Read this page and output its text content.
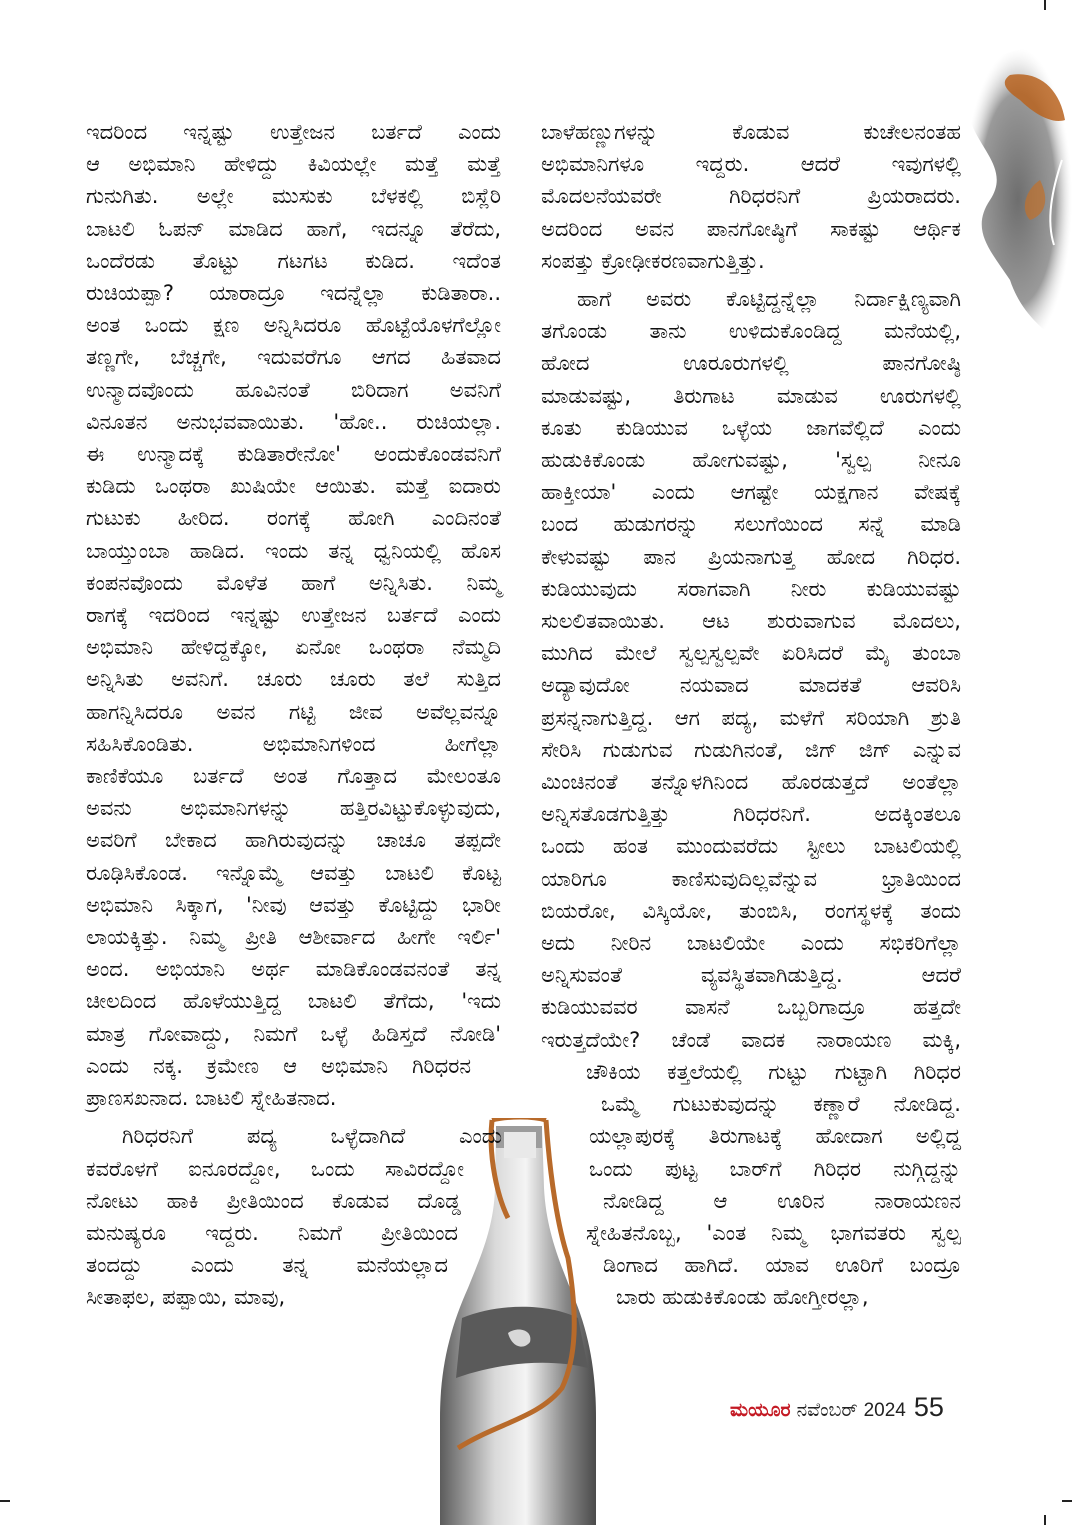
ಇದರಿಂದ ಇನ್ನಷ್ಟು ಉತ್ತೇಜನ ಬರ್ತದೆ ಎಂದು

ಆ ಅಭಿಮಾನಿ ಹೇಳಿದ್ದು ಕಿವಿಯಲ್ಲೇ ಮತ್ತೆ ಮತ್ತೆ

ಗುನುಗಿತು. ಅಲ್ಲೇ ಮುಸುಕು ಬೆಳಕಲ್ಲಿ ಬಿಸ್ಲೆರಿ

ಬಾಟಲಿ ಓಪನ್ ಮಾಡಿದ ಹಾಗೆ, ಇದನ್ನೂ ತೆರೆದು,

ಒಂದೆರಡು ತೊಟ್ಟು ಗಟಗಟ ಕುಡಿದ. ಇದೆಂತ

ರುಚಿಯಪ್ಪಾ? ಯಾರಾದ್ರೂ ಇದನ್ನೆಲ್ಲಾ ಕುಡಿತಾರಾ..

ಅಂತ ಒಂದು ಕ್ಷಣ ಅನ್ನಿಸಿದರೂ ಹೊಟ್ಟೆಯೊಳಗೆಲ್ಲೋ

ತಣ್ಣಗೇ, ಬೆಚ್ಚಗೇ, ಇದುವರೆಗೂ ಆಗದ ಹಿತವಾದ

ಉನ್ಮಾದವೊಂದು ಹೂವಿನಂತೆ ಬಿರಿದಾಗ ಅವನಿಗೆ

ವಿನೂತನ ಅನುಭವವಾಯಿತು. 'ಹೋ.. ರುಚಿಯಲ್ಲಾ.

ಈ ಉನ್ಮಾದಕ್ಕೆ ಕುಡಿತಾರೇನೋ' ಅಂದುಕೊಂಡವನಿಗೆ

ಕುಡಿದು ಒಂಥರಾ ಖುಷಿಯೇ ಆಯಿತು. ಮತ್ತೆ ಐದಾರು

ಗುಟುಕು ಹೀರಿದ. ರಂಗಕ್ಕೆ ಹೋಗಿ ಎಂದಿನಂತೆ

ಬಾಯ್ತುಂಬಾ ಹಾಡಿದ. ಇಂದು ತನ್ನ ಧ್ವನಿಯಲ್ಲಿ ಹೊಸ

ಕಂಪನವೊಂದು ಮೊಳೆತ ಹಾಗೆ ಅನ್ನಿಸಿತು. ನಿಮ್ಮ

ರಾಗಕ್ಕೆ ಇದರಿಂದ ಇನ್ನಷ್ಟು ಉತ್ತೇಜನ ಬರ್ತದೆ ಎಂದು

ಅಭಿಮಾನಿ ಹೇಳಿದ್ದಕ್ಕೋ, ಏನೋ ಒಂಥರಾ ನೆಮ್ಮದಿ

ಅನ್ನಿಸಿತು ಅವನಿಗೆ. ಚೂರು ಚೂರು ತಲೆ ಸುತ್ತಿದ

ಹಾಗನ್ನಿಸಿದರೂ ಅವನ ಗಟ್ಟಿ ಜೀವ ಅವೆಲ್ಲವನ್ನೂ

ಸಹಿಸಿಕೊಂಡಿತು. ಅಭಿಮಾನಿಗಳಿಂದ ಹೀಗೆಲ್ಲಾ

ಕಾಣಿಕೆಯೂ ಬರ್ತದೆ ಅಂತ ಗೊತ್ತಾದ ಮೇಲಂತೂ

ಅವನು ಅಭಿಮಾನಿಗಳನ್ನು ಹತ್ತಿರವಿಟ್ಟುಕೊಳ್ಳುವುದು,

ಅವರಿಗೆ ಬೇಕಾದ ಹಾಗಿರುವುದನ್ನು ಚಾಚೂ ತಪ್ಪದೇ

ರೂಢಿಸಿಕೊಂಡ. ಇನ್ನೊಮ್ಮೆ ಆವತ್ತು ಬಾಟಲಿ ಕೊಟ್ಟ

ಅಭಿಮಾನಿ ಸಿಕ್ಕಾಗ, 'ನೀವು ಆವತ್ತು ಕೊಟ್ಟಿದ್ದು ಭಾರೀ

ಲಾಯಕ್ಕಿತ್ತು. ನಿಮ್ಮ ಪ್ರೀತಿ ಆಶೀರ್ವಾದ ಹೀಗೇ ಇರ್ಲಿ'

ಅಂದ. ಅಭಿಯಾನಿ ಅರ್ಥ ಮಾಡಿಕೊಂಡವನಂತೆ ತನ್ನ

ಚೀಲದಿಂದ ಹೊಳೆಯುತ್ತಿದ್ದ ಬಾಟಲಿ ತೆಗೆದು, 'ಇದು

ಮಾತ್ರ ಗೋವಾದ್ದು, ನಿಮಗೆ ಒಳ್ಳೆ ಹಿಡಿಸ್ತದೆ ನೋಡಿ'

ಎಂದು ನಕ್ಕ. ಕ್ರಮೇಣ ಆ ಅಭಿಮಾನಿ ಗಿರಿಧರನ

ಪ್ರಾಣಸಖನಾದ. ಬಾಟಲಿ ಸ್ನೇಹಿತನಾದ.

ಗಿರಿಧರನಿಗೆ ಪದ್ಯ ಒಳ್ಳೆದಾಗಿದೆ ಎಂದು

ಕವರೊಳಗೆ ಐನೂರದ್ದೋ, ಒಂದು ಸಾವಿರದ್ದೋ

ನೋಟು ಹಾಕಿ ಪ್ರೀತಿಯಿಂದ ಕೊಡುವ ದೊಡ್ಡ

ಮನುಷ್ಯರೂ ಇದ್ದರು. ನಿಮಗೆ ಪ್ರೀತಿಯಿಂದ

ತಂದದ್ದು ಎಂದು ತನ್ನ ಮನೆಯಲ್ಲಾದ

ಸೀತಾಫಲ, ಪಪ್ಪಾಯಿ, ಮಾವು,

ಬಾಳೆಹಣ್ಣುಗಳನ್ನು ಕೊಡುವ ಕುಚೇಲನಂತಹ

ಅಭಿಮಾನಿಗಳೂ ಇದ್ದರು. ಆದರೆ ಇವುಗಳಲ್ಲಿ

ಮೊದಲನೆಯವರೇ ಗಿರಿಧರನಿಗೆ ಪ್ರಿಯರಾದರು.

ಅದರಿಂದ ಅವನ ಪಾನಗೋಷ್ಠಿಗೆ ಸಾಕಷ್ಟು ಆರ್ಥಿಕ

ಸಂಪತ್ತು ಕ್ರೋಢೀಕರಣವಾಗುತ್ತಿತ್ತು.

ಹಾಗೆ ಅವರು ಕೊಟ್ಟಿದ್ದನ್ನೆಲ್ಲಾ ನಿರ್ದಾಕ್ಷಿಣ್ಯವಾಗಿ

ತಗೊಂಡು ತಾನು ಉಳಿದುಕೊಂಡಿದ್ದ ಮನೆಯಲ್ಲಿ,

ಹೋದ ಊರೂರುಗಳಲ್ಲಿ ಪಾನಗೋಷ್ಠಿ

ಮಾಡುವಷ್ಟು, ತಿರುಗಾಟ ಮಾಡುವ ಊರುಗಳಲ್ಲಿ

ಕೂತು ಕುಡಿಯುವ ಒಳ್ಳೆಯ ಜಾಗವೆಲ್ಲಿದೆ ಎಂದು

ಹುಡುಕಿಕೊಂಡು ಹೋಗುವಷ್ಟು, 'ಸ್ವಲ್ಪ ನೀನೂ

ಹಾಕ್ತೀಯಾ' ಎಂದು ಆಗಷ್ಟೇ ಯಕ್ಷಗಾನ ವೇಷಕ್ಕೆ

ಬಂದ ಹುಡುಗರನ್ನು ಸಲುಗೆಯಿಂದ ಸನ್ನೆ ಮಾಡಿ

ಕೇಳುವಷ್ಟು ಪಾನ ಪ್ರಿಯನಾಗುತ್ತ ಹೋದ ಗಿರಿಧರ.

ಕುಡಿಯುವುದು ಸರಾಗವಾಗಿ ನೀರು ಕುಡಿಯುವಷ್ಟು

ಸುಲಲಿತವಾಯಿತು. ಆಟ ಶುರುವಾಗುವ ಮೊದಲು,

ಮುಗಿದ ಮೇಲೆ ಸ್ವಲ್ಪಸ್ವಲ್ಪವೇ ಏರಿಸಿದರೆ ಮೈ ತುಂಬಾ

ಅದ್ಯಾವುದೋ ನಯವಾದ ಮಾದಕತೆ ಆವರಿಸಿ

ಪ್ರಸನ್ನನಾಗುತ್ತಿದ್ದ. ಆಗ ಪದ್ಯ, ಮಳೆಗೆ ಸರಿಯಾಗಿ ಶ್ರುತಿ

ಸೇರಿಸಿ ಗುಡುಗುವ ಗುಡುಗಿನಂತೆ, ಜಿಗ್ ಜಿಗ್ ಎನ್ನುವ

ಮಿಂಚಿನಂತೆ ತನ್ನೊಳಗಿನಿಂದ ಹೊರಡುತ್ತದೆ ಅಂತೆಲ್ಲಾ

ಅನ್ನಿಸತೊಡಗುತ್ತಿತ್ತು ಗಿರಿಧರನಿಗೆ. ಅದಕ್ಕಿಂತಲೂ

ಒಂದು ಹಂತ ಮುಂದುವರೆದು ಸ್ಟೀಲು ಬಾಟಲಿಯಲ್ಲಿ

ಯಾರಿಗೂ ಕಾಣಿಸುವುದಿಲ್ಲವೆನ್ನುವ ಭ್ರಾತಿಯಿಂದ

ಬಿಯರೋ, ವಿಸ್ಕಿಯೋ, ತುಂಬಿಸಿ, ರಂಗಸ್ಥಳಕ್ಕೆ ತಂದು

ಅದು ನೀರಿನ ಬಾಟಲಿಯೇ ಎಂದು ಸಭಿಕರಿಗೆಲ್ಲಾ

ಅನ್ನಿಸುವಂತೆ ವ್ಯವಸ್ಥಿತವಾಗಿಡುತ್ತಿದ್ದ. ಆದರೆ

ಕುಡಿಯುವವರ ವಾಸನೆ ಒಬ್ಬರಿಗಾದ್ರೂ ಹತ್ತದೇ

ಇರುತ್ತದೆಯೇ? ಚೆಂಡೆ ವಾದಕ ನಾರಾಯಣ ಮಕ್ಕಿ,

ಚೌಕಿಯ ಕತ್ತಲೆಯಲ್ಲಿ ಗುಟ್ಟು ಗುಟ್ಟಾಗಿ ಗಿರಿಧರ

ಒಮ್ಮೆ ಗುಟುಕುವುದನ್ನು ಕಣ್ಣಾರೆ ನೋಡಿದ್ದ.

ಯಲ್ಲಾಪುರಕ್ಕೆ ತಿರುಗಾಟಕ್ಕೆ ಹೋದಾಗ ಅಲ್ಲಿದ್ದ

ಒಂದು ಪುಟ್ಟ ಬಾರ್‌ಗೆ ಗಿರಿಧರ ನುಗ್ಗಿದ್ದನ್ನು

ನೋಡಿದ್ದ ಆ ಊರಿನ ನಾರಾಯಣನ

ಸ್ನೇಹಿತನೊಬ್ಬ, 'ಎಂತ ನಿಮ್ಮ ಭಾಗವತರು ಸ್ವಲ್ಪ

ಡಿಂಗಾದ ಹಾಗಿದೆ. ಯಾವ ಊರಿಗೆ ಬಂದ್ರೂ

ಬಾರು ಹುಡುಕಿಕೊಂಡು ಹೋಗ್ತೀರಲ್ಲಾ,

ಮಯೂರ ನವೆಂಬರ್ 2024 55
